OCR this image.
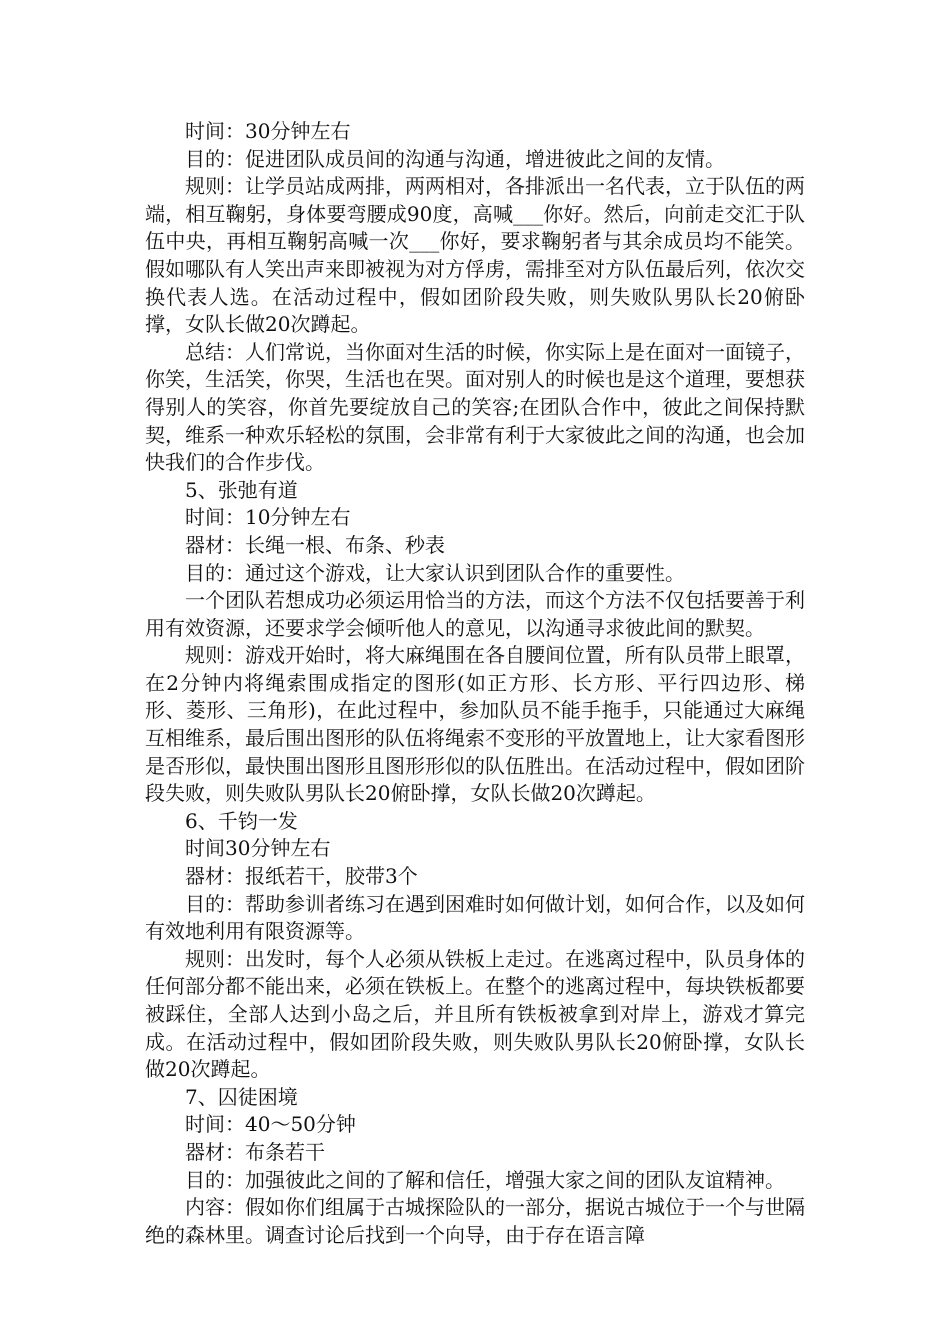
时间：30分钟左右

目的：促进团队成员间的沟通与沟通，增进彼此之间的友情。

规则：让学员站成两排，两两相对，各排派出一名代表，立于队伍的两端，相互鞠躬，身体要弯腰成90度，高喊___你好。然后，向前走交汇于队伍中央，再相互鞠躬高喊一次___你好，要求鞠躬者与其余成员均不能笑。假如哪队有人笑出声来即被视为对方俘虏，需排至对方队伍最后列，依次交换代表人选。在活动过程中，假如团阶段失败，则失败队男队长20俯卧撑，女队长做20次蹲起。

总结：人们常说，当你面对生活的时候，你实际上是在面对一面镜子，你笑，生活笑，你哭，生活也在哭。面对别人的时候也是这个道理，要想获得别人的笑容，你首先要绽放自己的笑容;在团队合作中，彼此之间保持默契，维系一种欢乐轻松的氛围，会非常有利于大家彼此之间的沟通，也会加快我们的合作步伐。

5、张弛有道

时间：10分钟左右

器材：长绳一根、布条、秒表

目的：通过这个游戏，让大家认识到团队合作的重要性。

一个团队若想成功必须运用恰当的方法，而这个方法不仅包括要善于利用有效资源，还要求学会倾听他人的意见，以沟通寻求彼此间的默契。

规则：游戏开始时，将大麻绳围在各自腰间位置，所有队员带上眼罩，在2分钟内将绳索围成指定的图形(如正方形、长方形、平行四边形、梯形、菱形、三角形)，在此过程中，参加队员不能手拖手，只能通过大麻绳互相维系，最后围出图形的队伍将绳索不变形的平放置地上，让大家看图形是否形似，最快围出图形且图形形似的队伍胜出。在活动过程中，假如团阶段失败，则失败队男队长20俯卧撑，女队长做20次蹲起。

6、千钧一发

时间30分钟左右

器材：报纸若干，胶带3个

目的：帮助参训者练习在遇到困难时如何做计划，如何合作，以及如何有效地利用有限资源等。

规则：出发时，每个人必须从铁板上走过。在逃离过程中，队员身体的任何部分都不能出来，必须在铁板上。在整个的逃离过程中，每块铁板都要被踩住，全部人达到小岛之后，并且所有铁板被拿到对岸上，游戏才算完成。在活动过程中，假如团阶段失败，则失败队男队长20俯卧撑，女队长做20次蹲起。

7、囚徒困境

时间：40～50分钟

器材：布条若干

目的：加强彼此之间的了解和信任，增强大家之间的团队友谊精神。

内容：假如你们组属于古城探险队的一部分，据说古城位于一个与世隔绝的森林里。调查讨论后找到一个向导，由于存在语言障
